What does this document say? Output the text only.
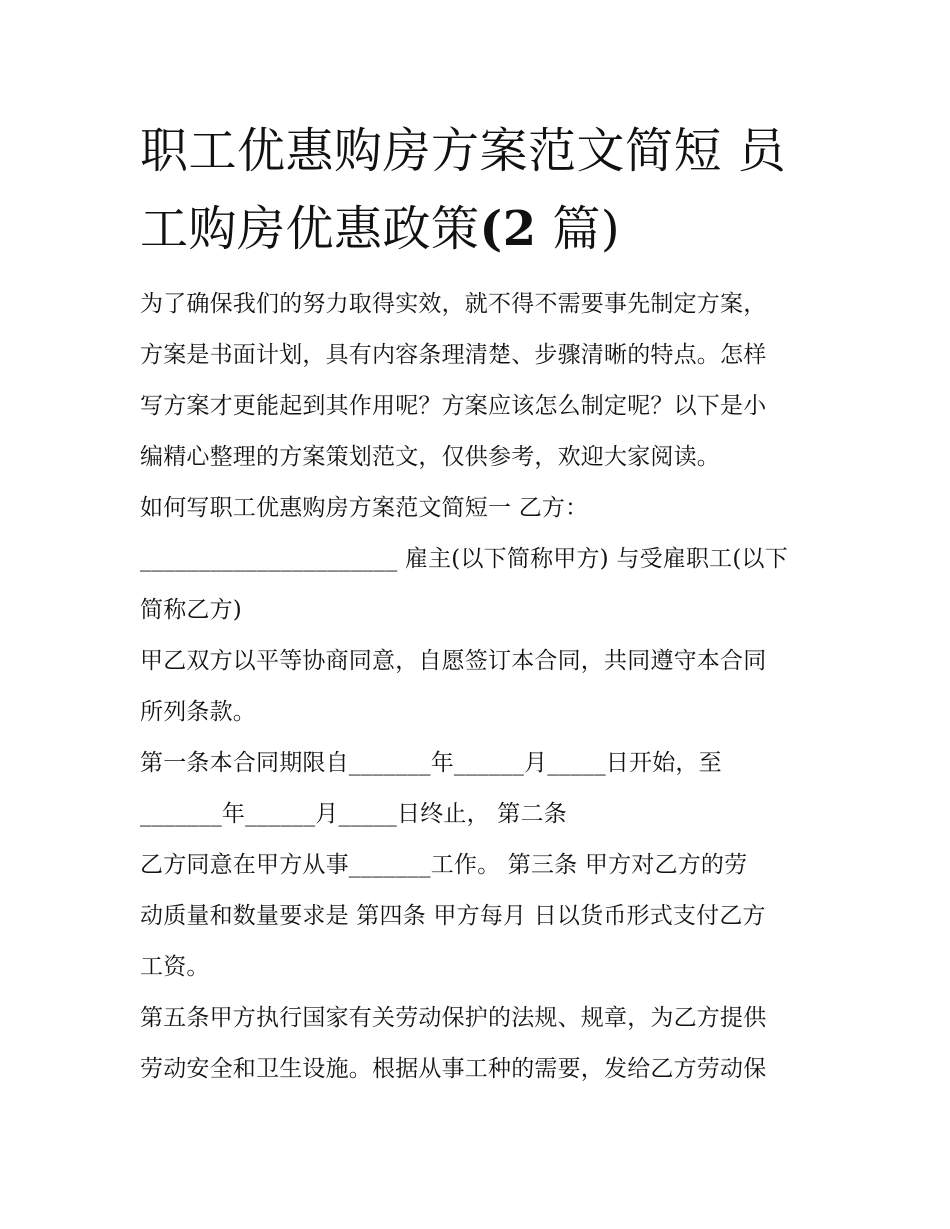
职工优惠购房方案范文简短 员
工购房优惠政策(2 篇)
为了确保我们的努力取得实效，就不得不需要事先制定方案，
方案是书面计划，具有内容条理清楚、步骤清晰的特点。怎样
写方案才更能起到其作用呢？方案应该怎么制定呢？以下是小
编精心整理的方案策划范文，仅供参考，欢迎大家阅读。
如何写职工优惠购房方案范文简短一 乙方：
______________________ 雇主(以下简称甲方) 与受雇职工(以下
简称乙方)
甲乙双方以平等协商同意，自愿签订本合同，共同遵守本合同
所列条款。
第一条本合同期限自_______年______月_____日开始，至
_______年______月_____日终止， 第二条
乙方同意在甲方从事_______工作。 第三条 甲方对乙方的劳
动质量和数量要求是 第四条 甲方每月 日以货币形式支付乙方
工资。
第五条甲方执行国家有关劳动保护的法规、规章，为乙方提供
劳动安全和卫生设施。根据从事工种的需要，发给乙方劳动保
